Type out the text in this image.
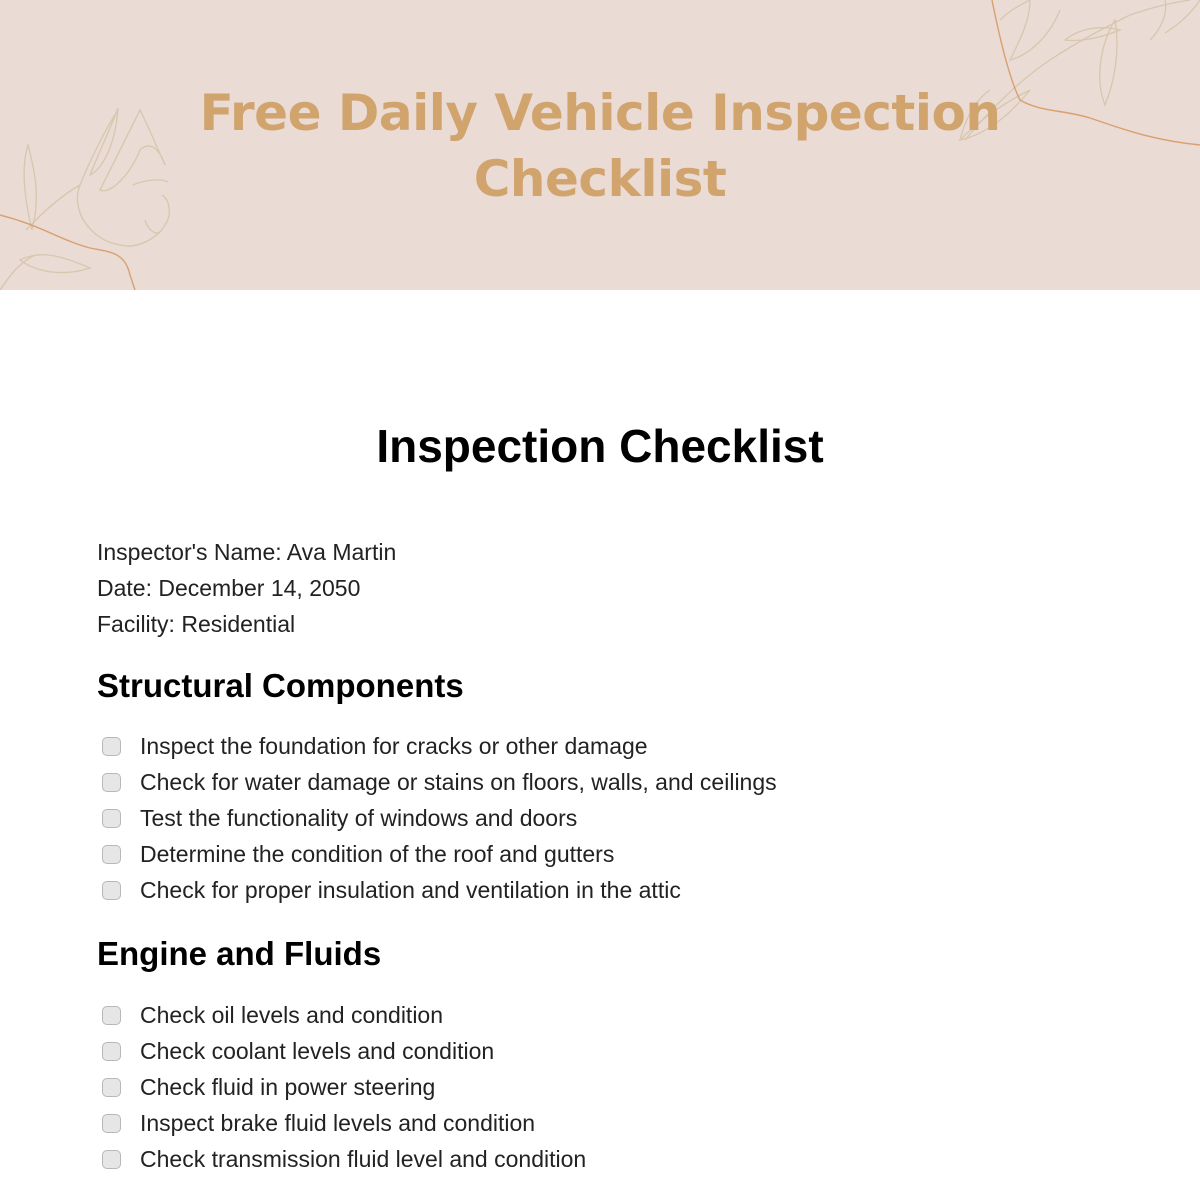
Free Daily Vehicle Inspection
Checklist
Inspection Checklist
Inspector's Name: Ava Martin
Date: December 14, 2050
Facility: Residential
Structural Components
Inspect the foundation for cracks or other damage
Check for water damage or stains on floors, walls, and ceilings
Test the functionality of windows and doors
Determine the condition of the roof and gutters
Check for proper insulation and ventilation in the attic
Engine and Fluids
Check oil levels and condition
Check coolant levels and condition
Check fluid in power steering
Inspect brake fluid levels and condition
Check transmission fluid level and condition
